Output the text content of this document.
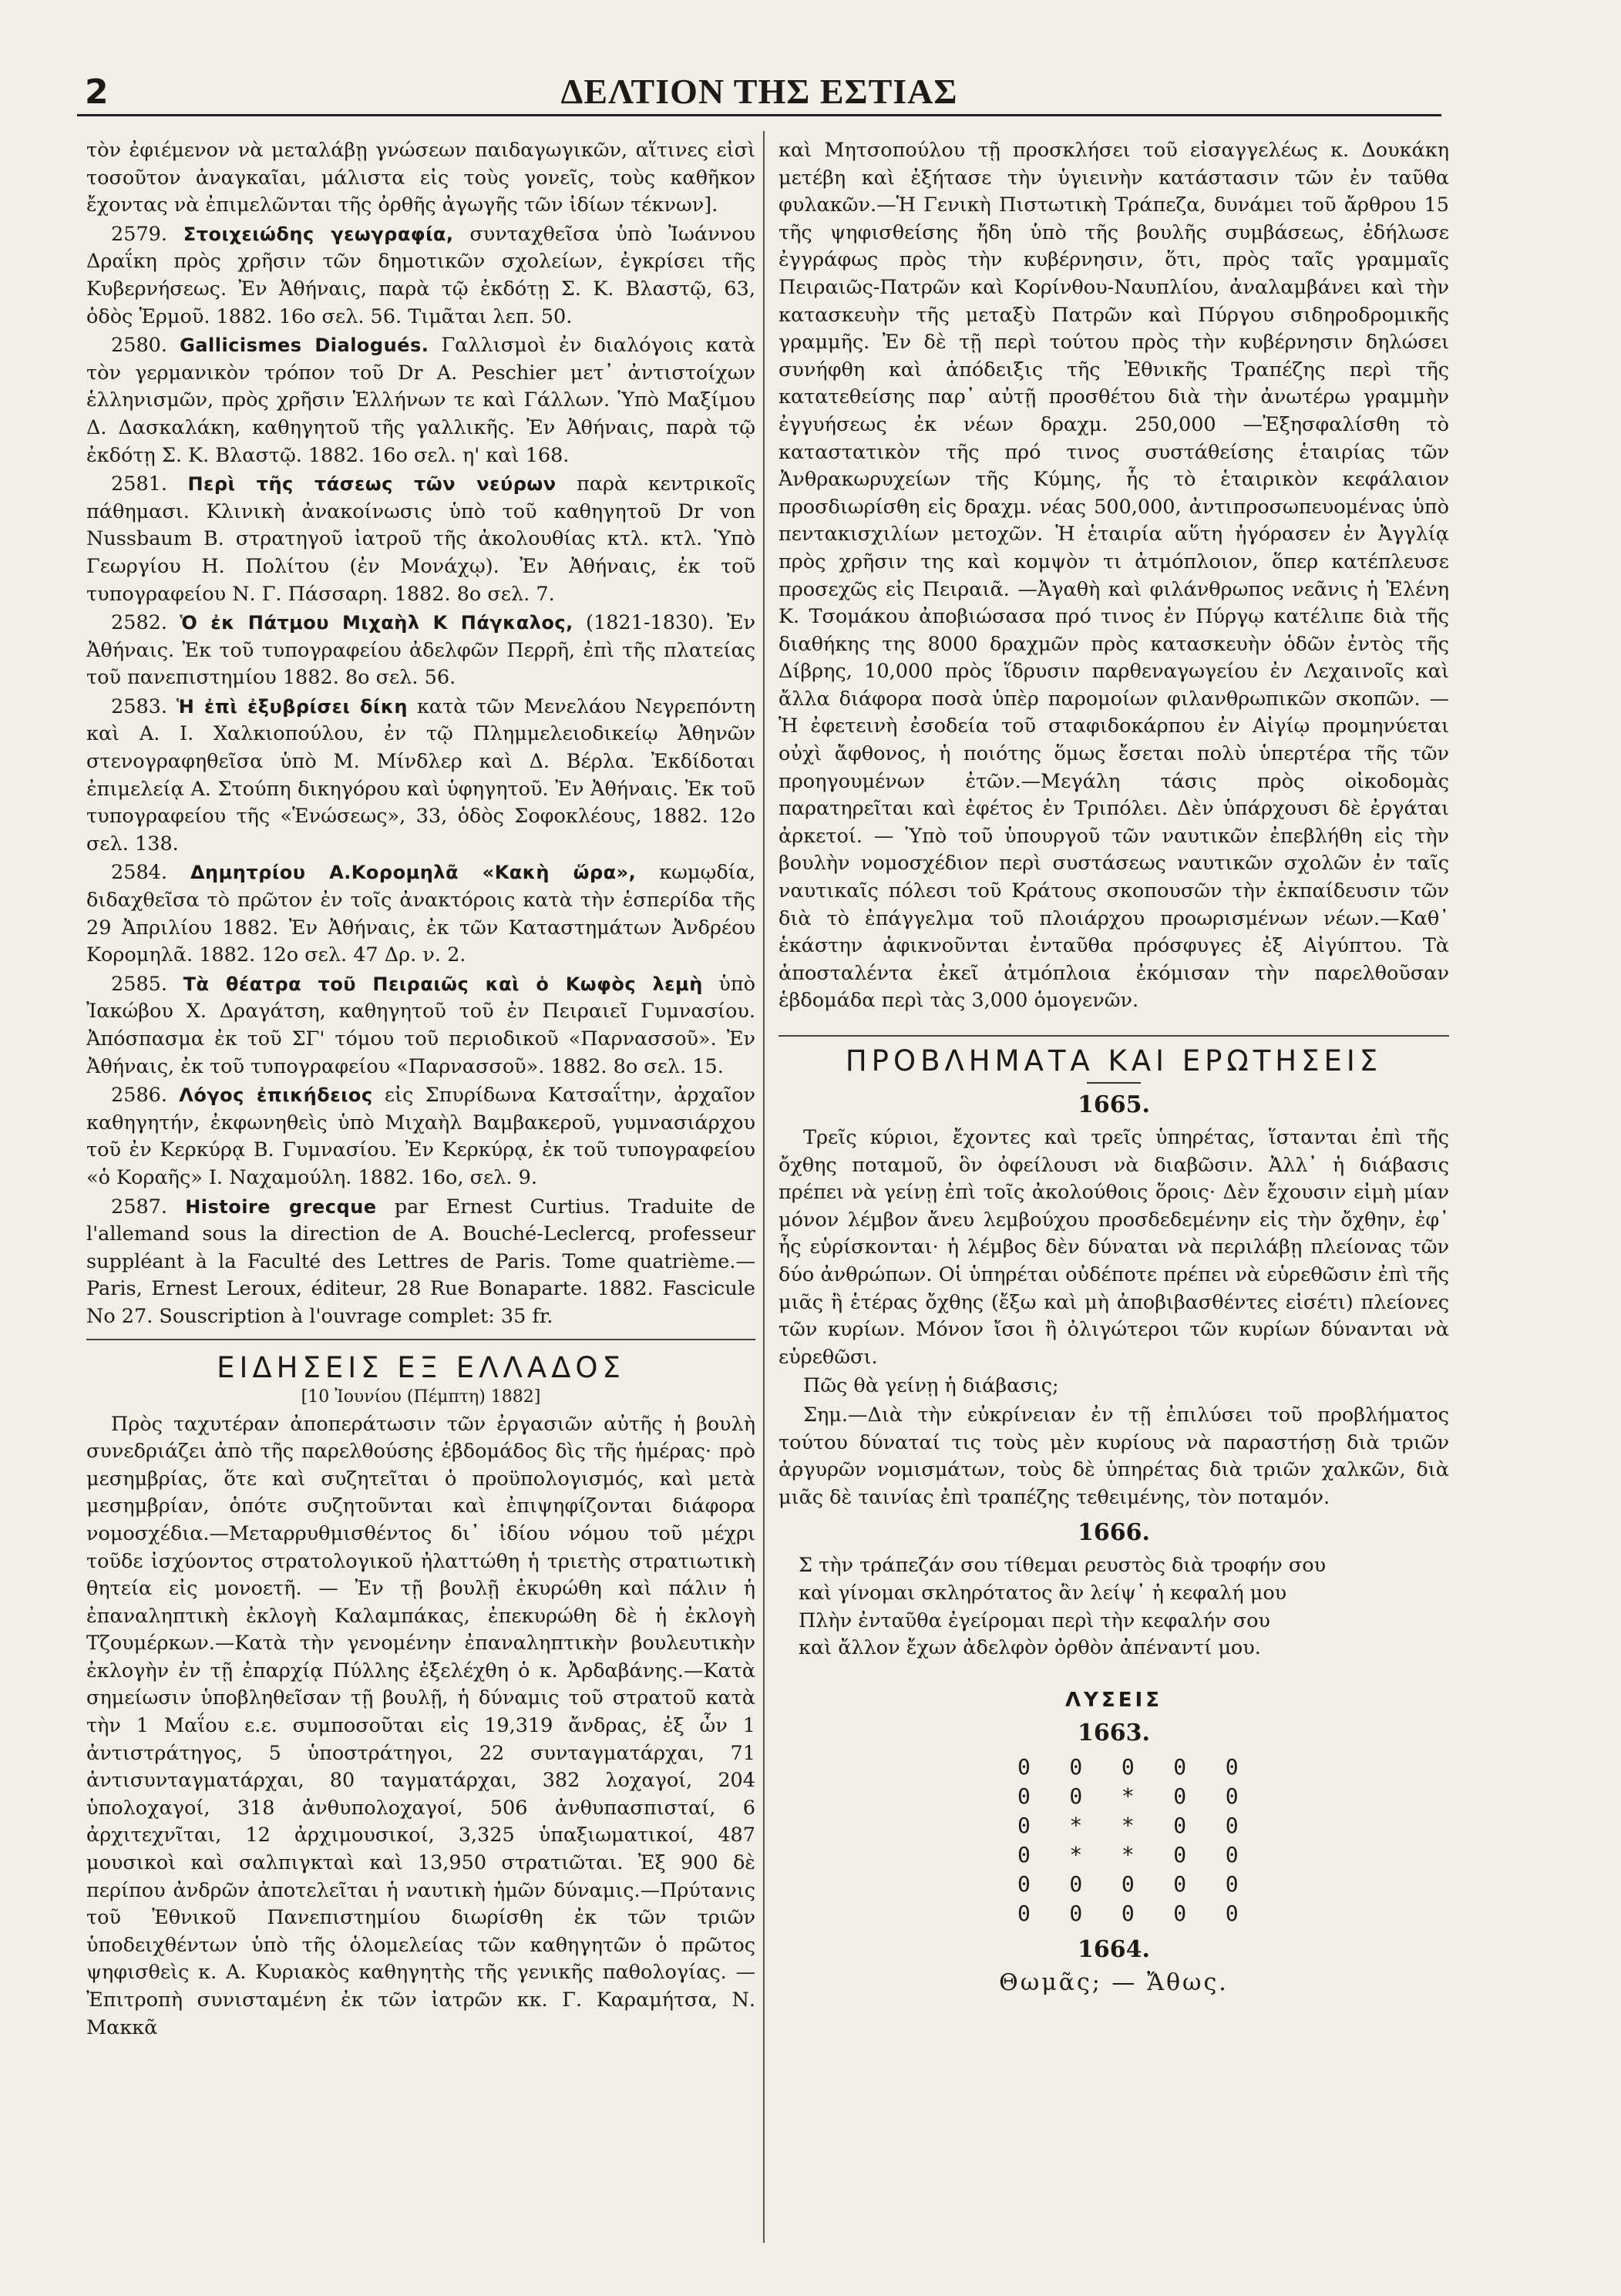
2	ΔΕΛΤΙΟΝ ΤΗΣ ΕΣΤΙΑΣ

τὸν ἐφιέμενον νὰ μεταλάβῃ γνώσεων παιδαγωγικῶν, αἵτινες εἰσὶ τοσοῦτον ἀναγκαῖαι, μάλιστα εἰς τοὺς γονεῖς, τοὺς καθῆκον ἔχοντας νὰ ἐπιμελῶνται τῆς ὀρθῆς ἀγωγῆς τῶν ἰδίων τέκνων].

2579. Στοιχειώδης γεωγραφία, συνταχθεῖσα ὑπὸ Ἰωάννου Δραΐκη πρὸς χρῆσιν τῶν δημοτικῶν σχολείων, ἐγκρίσει τῆς Κυβερνήσεως. Ἐν Ἀθήναις, παρὰ τῷ ἐκδότῃ Σ. Κ. Βλαστῷ, 63, ὁδὸς Ἑρμοῦ. 1882. 16ο σελ. 56. Τιμᾶται λεπ. 50.

2580. Gallicismes Dialogués. Γαλλισμοὶ ἐν διαλόγοις κατὰ τὸν γερμανικὸν τρόπον τοῦ Dr A. Peschier μετ᾽ ἀντιστοίχων ἑλληνισμῶν, πρὸς χρῆσιν Ἑλλήνων τε καὶ Γάλλων. Ὑπὸ Μαξίμου Δ. Δασκαλάκη, καθηγητοῦ τῆς γαλλικῆς. Ἐν Ἀθήναις, παρὰ τῷ ἐκδότῃ Σ. Κ. Βλαστῷ. 1882. 16ο σελ. η' καὶ 168.

2581. Περὶ τῆς τάσεως τῶν νεύρων παρὰ κεντρικοῖς πάθημασι. Κλινικὴ ἀνακοίνωσις ὑπὸ τοῦ καθηγητοῦ Dr von Nussbaum Β. στρατηγοῦ ἰατροῦ τῆς ἀκολουθίας κτλ. κτλ. Ὑπὸ Γεωργίου Η. Πολίτου (ἐν Μονάχῳ). Ἐν Ἀθήναις, ἐκ τοῦ τυπογραφείου Ν. Γ. Πάσσαρη. 1882. 8ο σελ. 7.

2582. Ὁ ἐκ Πάτμου Μιχαὴλ Κ Πάγκαλος, (1821-1830). Ἐν Ἀθήναις. Ἐκ τοῦ τυπογραφείου ἀδελφῶν Περρῆ, ἐπὶ τῆς πλατείας τοῦ πανεπιστημίου 1882. 8ο σελ. 56.

2583. Ἡ ἐπὶ ἐξυβρίσει δίκη κατὰ τῶν Μενελάου Νεγρεπόντη καὶ Α. Ι. Χαλκιοπούλου, ἐν τῷ Πλημμελειοδικείῳ Ἀθηνῶν στενογραφηθεῖσα ὑπὸ Μ. Μίνδλερ καὶ Δ. Βέρλα. Ἐκδίδοται ἐπιμελείᾳ Α. Στούπη δικηγόρου καὶ ὑφηγητοῦ. Ἐν Ἀθήναις. Ἐκ τοῦ τυπογραφείου τῆς «Ἑνώσεως», 33, ὁδὸς Σοφοκλέους, 1882. 12ο σελ. 138.

2584. Δημητρίου Α.Κορομηλᾶ «Κακὴ ὥρα», κωμῳδία, διδαχθεῖσα τὸ πρῶτον ἐν τοῖς ἀνακτόροις κατὰ τὴν ἑσπερίδα τῆς 29 Ἀπριλίου 1882. Ἐν Ἀθήναις, ἐκ τῶν Καταστημάτων Ἀνδρέου Κορομηλᾶ. 1882. 12ο σελ. 47 Δρ. ν. 2.

2585. Τὰ θέατρα τοῦ Πειραιῶς καὶ ὁ Κωφὸς λεμὴ ὑπὸ Ἰακώβου Χ. Δραγάτση, καθηγητοῦ τοῦ ἐν Πειραιεῖ Γυμνασίου. Ἀπόσπασμα ἐκ τοῦ ΣΓ' τόμου τοῦ περιοδικοῦ «Παρνασσοῦ». Ἐν Ἀθήναις, ἐκ τοῦ τυπογραφείου «Παρνασσοῦ». 1882. 8ο σελ. 15.

2586. Λόγος ἐπικήδειος εἰς Σπυρίδωνα Κατσαΐτην, ἀρχαῖον καθηγητήν, ἐκφωνηθεὶς ὑπὸ Μιχαὴλ Βαμβακεροῦ, γυμνασιάρχου τοῦ ἐν Κερκύρᾳ Β. Γυμνασίου. Ἐν Κερκύρᾳ, ἐκ τοῦ τυπογραφείου «ὁ Κοραῆς» Ι. Ναχαμούλη. 1882. 16ο, σελ. 9.

2587. Histoire grecque par Ernest Curtius. Traduite de l'allemand sous la direction de A. Bouché-Leclercq, professeur suppléant à la Faculté des Lettres de Paris. Tome quatrième.—Paris, Ernest Leroux, éditeur, 28 Rue Bonaparte. 1882. Fascicule No 27. Souscription à l'ouvrage complet: 35 fr.

ΕΙΔΗΣΕΙΣ ΕΞ ΕΛΛΑΔΟΣ
[10 Ἰουνίου (Πέμπτη) 1882]

Πρὸς ταχυτέραν ἀποπεράτωσιν τῶν ἐργασιῶν αὐτῆς ἡ βουλὴ συνεδριάζει ἀπὸ τῆς παρελθούσης ἑβδομάδος δὶς τῆς ἡμέρας· πρὸ μεσημβρίας, ὅτε καὶ συζητεῖται ὁ προϋπολογισμός, καὶ μετὰ μεσημβρίαν, ὁπότε συζητοῦνται καὶ ἐπιψηφίζονται διάφορα νομοσχέδια.—Μεταρρυθμισθέντος δι᾽ ἰδίου νόμου τοῦ μέχρι τοῦδε ἰσχύοντος στρατολογικοῦ ἠλαττώθη ἡ τριετὴς στρατιωτικὴ θητεία εἰς μονοετῆ. — Ἐν τῇ βουλῇ ἐκυρώθη καὶ πάλιν ἡ ἐπαναληπτικὴ ἐκλογὴ Καλαμπάκας, ἐπεκυρώθη δὲ ἡ ἐκλογὴ Τζουμέρκων.—Κατὰ τὴν γενομένην ἐπαναληπτικὴν βουλευτικὴν ἐκλογὴν ἐν τῇ ἐπαρχίᾳ Πύλλης ἐξελέχθη ὁ κ. Ἀρδαβάνης.—Κατὰ σημείωσιν ὑποβληθεῖσαν τῇ βουλῇ, ἡ δύναμις τοῦ στρατοῦ κατὰ τὴν 1 Μαΐου ε.ε. συμποσοῦται εἰς 19,319 ἄνδρας, ἐξ ὧν 1 ἀντιστράτηγος, 5 ὑποστράτηγοι, 22 συνταγματάρχαι, 71 ἀντισυνταγματάρχαι, 80 ταγματάρχαι, 382 λοχαγοί, 204 ὑπολοχαγοί, 318 ἀνθυπολοχαγοί, 506 ἀνθυπασπισταί, 6 ἀρχιτεχνῖται, 12 ἀρχιμουσικοί, 3,325 ὑπαξιωματικοί, 487 μουσικοὶ καὶ σαλπιγκταὶ καὶ 13,950 στρατιῶται. Ἐξ 900 δὲ περίπου ἀνδρῶν ἀποτελεῖται ἡ ναυτικὴ ἡμῶν δύναμις.—Πρύτανις τοῦ Ἐθνικοῦ Πανεπιστημίου διωρίσθη ἐκ τῶν τριῶν ὑποδειχθέντων ὑπὸ τῆς ὁλομελείας τῶν καθηγητῶν ὁ πρῶτος ψηφισθεὶς κ. Α. Κυριακὸς καθηγητὴς τῆς γενικῆς παθολογίας. — Ἐπιτροπὴ συνισταμένη ἐκ τῶν ἰατρῶν κκ. Γ. Καραμήτσα, Ν. Μακκᾶ

καὶ Μητσοπούλου τῇ προσκλήσει τοῦ εἰσαγγελέως κ. Δουκάκη μετέβη καὶ ἐξήτασε τὴν ὑγιεινὴν κατάστασιν τῶν ἐν ταῦθα φυλακῶν.—Ἡ Γενικὴ Πιστωτικὴ Τράπεζα, δυνάμει τοῦ ἄρθρου 15 τῆς ψηφισθείσης ἤδη ὑπὸ τῆς βουλῆς συμβάσεως, ἐδήλωσε ἐγγράφως πρὸς τὴν κυβέρνησιν, ὅτι, πρὸς ταῖς γραμμαῖς Πειραιῶς-Πατρῶν καὶ Κορίνθου-Ναυπλίου, ἀναλαμβάνει καὶ τὴν κατασκευὴν τῆς μεταξὺ Πατρῶν καὶ Πύργου σιδηροδρομικῆς γραμμῆς. Ἐν δὲ τῇ περὶ τούτου πρὸς τὴν κυβέρνησιν δηλώσει συνήφθη καὶ ἀπόδειξις τῆς Ἐθνικῆς Τραπέζης περὶ τῆς κατατεθείσης παρ᾽ αὐτῇ προσθέτου διὰ τὴν ἀνωτέρω γραμμὴν ἐγγυήσεως ἐκ νέων δραχμ. 250,000 —Ἐξησφαλίσθη τὸ καταστατικὸν τῆς πρό τινος συστάθείσης ἑταιρίας τῶν Ἀνθρακωρυχείων τῆς Κύμης, ἧς τὸ ἑταιρικὸν κεφάλαιον προσδιωρίσθη εἰς δραχμ. νέας 500,000, ἀντιπροσωπευομένας ὑπὸ πεντακισχιλίων μετοχῶν. Ἡ ἑταιρία αὕτη ἠγόρασεν ἐν Ἀγγλίᾳ πρὸς χρῆσιν της καὶ κομψὸν τι ἀτμόπλοιον, ὅπερ κατέπλευσε προσεχῶς εἰς Πειραιᾶ. —Ἀγαθὴ καὶ φιλάνθρωπος νεᾶνις ἡ Ἑλένη Κ. Τσομάκου ἀποβιώσασα πρό τινος ἐν Πύργῳ κατέλιπε διὰ τῆς διαθήκης της 8000 δραχμῶν πρὸς κατασκευὴν ὁδῶν ἐντὸς τῆς Δίβρης, 10,000 πρὸς ἵδρυσιν παρθεναγωγείου ἐν Λεχαινοῖς καὶ ἄλλα διάφορα ποσὰ ὑπὲρ παρομοίων φιλανθρωπικῶν σκοπῶν. — Ἡ ἐφετεινὴ ἐσοδεία τοῦ σταφιδοκάρπου ἐν Αἰγίῳ προμηνύεται οὐχὶ ἄφθονος, ἡ ποιότης ὅμως ἔσεται πολὺ ὑπερτέρα τῆς τῶν προηγουμένων ἐτῶν.—Μεγάλη τάσις πρὸς οἰκοδομὰς παρατηρεῖται καὶ ἐφέτος ἐν Τριπόλει. Δὲν ὑπάρχουσι δὲ ἐργάται ἀρκετοί. — Ὑπὸ τοῦ ὑπουργοῦ τῶν ναυτικῶν ἐπεβλήθη εἰς τὴν βουλὴν νομοσχέδιον περὶ συστάσεως ναυτικῶν σχολῶν ἐν ταῖς ναυτικαῖς πόλεσι τοῦ Κράτους σκοπουσῶν τὴν ἐκπαίδευσιν τῶν διὰ τὸ ἐπάγγελμα τοῦ πλοιάρχου προωρισμένων νέων.—Καθ᾽ ἑκάστην ἀφικνοῦνται ἐνταῦθα πρόσφυγες ἐξ Αἰγύπτου. Τὰ ἀποσταλέντα ἐκεῖ ἀτμόπλοια ἐκόμισαν τὴν παρελθοῦσαν ἑβδομάδα περὶ τὰς 3,000 ὁμογενῶν.

ΠΡΟΒΛΗΜΑΤΑ ΚΑΙ ΕΡΩΤΗΣΕΙΣ
1665.

Τρεῖς κύριοι, ἔχοντες καὶ τρεῖς ὑπηρέτας, ἵστανται ἐπὶ τῆς ὄχθης ποταμοῦ, ὃν ὀφείλουσι νὰ διαβῶσιν. Ἀλλ᾽ ἡ διάβασις πρέπει νὰ γείνῃ ἐπὶ τοῖς ἀκολούθοις ὅροις· Δὲν ἔχουσιν εἰμὴ μίαν μόνον λέμβον ἄνευ λεμβούχου προσδεδεμένην εἰς τὴν ὄχθην, ἐφ᾽ ἧς εὑρίσκονται· ἡ λέμβος δὲν δύναται νὰ περιλάβῃ πλείονας τῶν δύο ἀνθρώπων. Οἱ ὑπηρέται οὐδέποτε πρέπει νὰ εὑρεθῶσιν ἐπὶ τῆς μιᾶς ἢ ἑτέρας ὄχθης (ἔξω καὶ μὴ ἀποβιβασθέντες εἰσέτι) πλείονες τῶν κυρίων. Μόνον ἴσοι ἢ ὀλιγώτεροι τῶν κυρίων δύνανται νὰ εὑρεθῶσι.

Πῶς θὰ γείνῃ ἡ διάβασις;

Σημ.—Διὰ τὴν εὐκρίνειαν ἐν τῇ ἐπιλύσει τοῦ προβλήματος τούτου δύναταί τις τοὺς μὲν κυρίους νὰ παραστήσῃ διὰ τριῶν ἀργυρῶν νομισμάτων, τοὺς δὲ ὑπηρέτας διὰ τριῶν χαλκῶν, διὰ μιᾶς δὲ ταινίας ἐπὶ τραπέζης τεθειμένης, τὸν ποταμόν.

1666.
Σ τὴν τράπεζάν σου τίθεμαι ρευστὸς διὰ τροφήν σου
καὶ γίνομαι σκληρότατος ἂν λείψ᾽ ἡ κεφαλή μου
Πλὴν ἐνταῦθα ἐγείρομαι περὶ τὴν κεφαλήν σου
καὶ ἄλλον ἔχων ἀδελφὸν ὀρθὸν ἀπέναντί μου.
ΛΥΣΕΙΣ
1663.
0   0   0   0   0
0   0   *   0   0
0   *   *   0   0
0   *   *   0   0
0   0   0   0   0
0   0   0   0   0
1664.
Θωμᾶς; — Ἄθως.
